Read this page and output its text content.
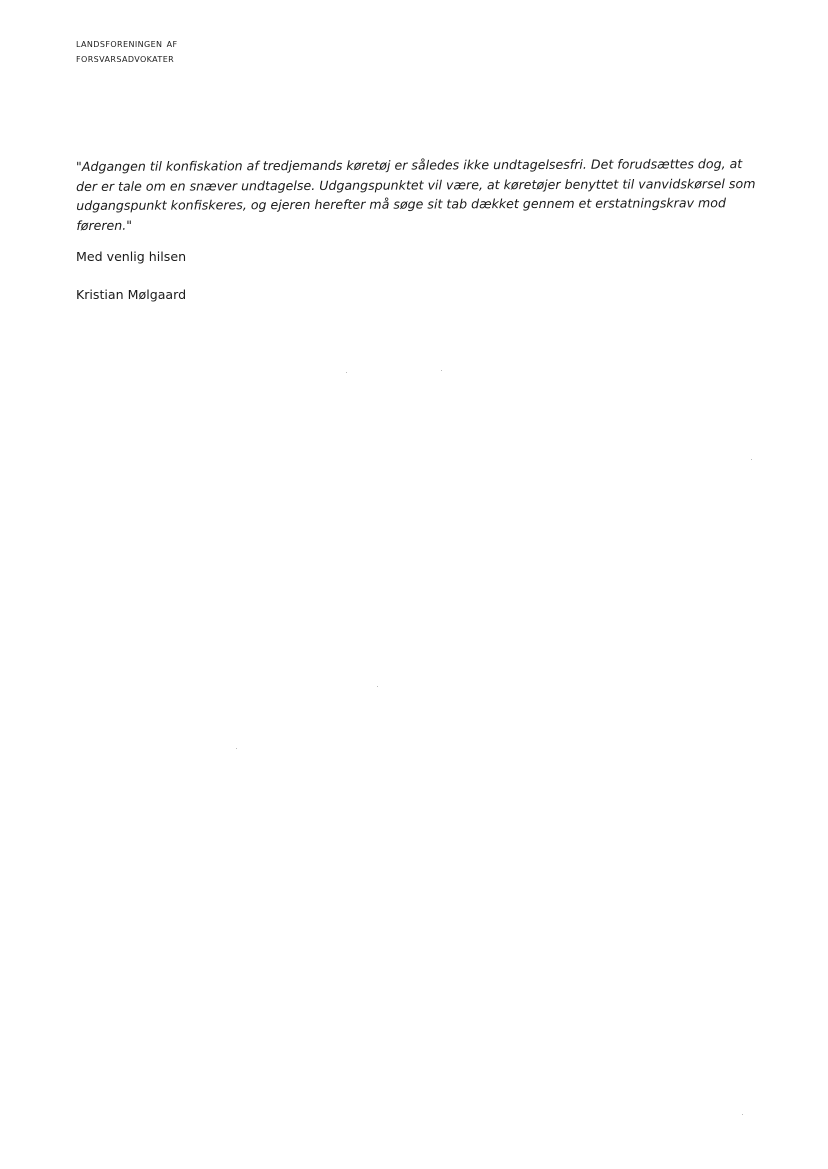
landsforeningen af
forsvarsadvokater
"Adgangen til konfiskation af tredjemands køretøj er således ikke undtagelsesfri. Det forudsættes dog, at der er tale om en snæver undtagelse. Udgangspunktet vil være, at køretøjer benyttet til vanvidskørsel som udgangspunkt konfiskeres, og ejeren herefter må søge sit tab dækket gennem et erstatningskrav mod føreren."
Med venlig hilsen
Kristian Mølgaard
